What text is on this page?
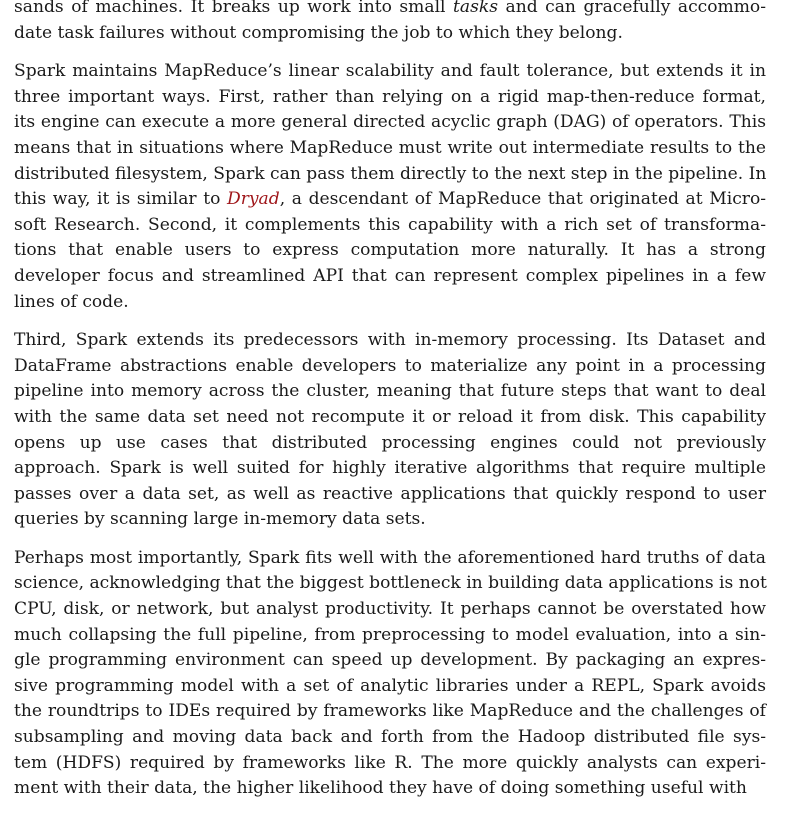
sands of machines. It breaks up work into small tasks and can gracefully accommo-
date task failures without compromising the job to which they belong.

Spark maintains MapReduce’s linear scalability and fault tolerance, but extends it in
three important ways. First, rather than relying on a rigid map-then-reduce format,
its engine can execute a more general directed acyclic graph (DAG) of operators. This
means that in situations where MapReduce must write out intermediate results to the
distributed filesystem, Spark can pass them directly to the next step in the pipeline. In
this way, it is similar to Dryad, a descendant of MapReduce that originated at Micro-
soft Research. Second, it complements this capability with a rich set of transforma-
tions that enable users to express computation more naturally. It has a strong
developer focus and streamlined API that can represent complex pipelines in a few
lines of code.

Third, Spark extends its predecessors with in-memory processing. Its Dataset and
DataFrame abstractions enable developers to materialize any point in a processing
pipeline into memory across the cluster, meaning that future steps that want to deal
with the same data set need not recompute it or reload it from disk. This capability
opens up use cases that distributed processing engines could not previously
approach. Spark is well suited for highly iterative algorithms that require multiple
passes over a data set, as well as reactive applications that quickly respond to user
queries by scanning large in-memory data sets.

Perhaps most importantly, Spark fits well with the aforementioned hard truths of data
science, acknowledging that the biggest bottleneck in building data applications is not
CPU, disk, or network, but analyst productivity. It perhaps cannot be overstated how
much collapsing the full pipeline, from preprocessing to model evaluation, into a sin-
gle programming environment can speed up development. By packaging an expres-
sive programming model with a set of analytic libraries under a REPL, Spark avoids
the roundtrips to IDEs required by frameworks like MapReduce and the challenges of
subsampling and moving data back and forth from the Hadoop distributed file sys-
tem (HDFS) required by frameworks like R. The more quickly analysts can experi-
ment with their data, the higher likelihood they have of doing something useful with
